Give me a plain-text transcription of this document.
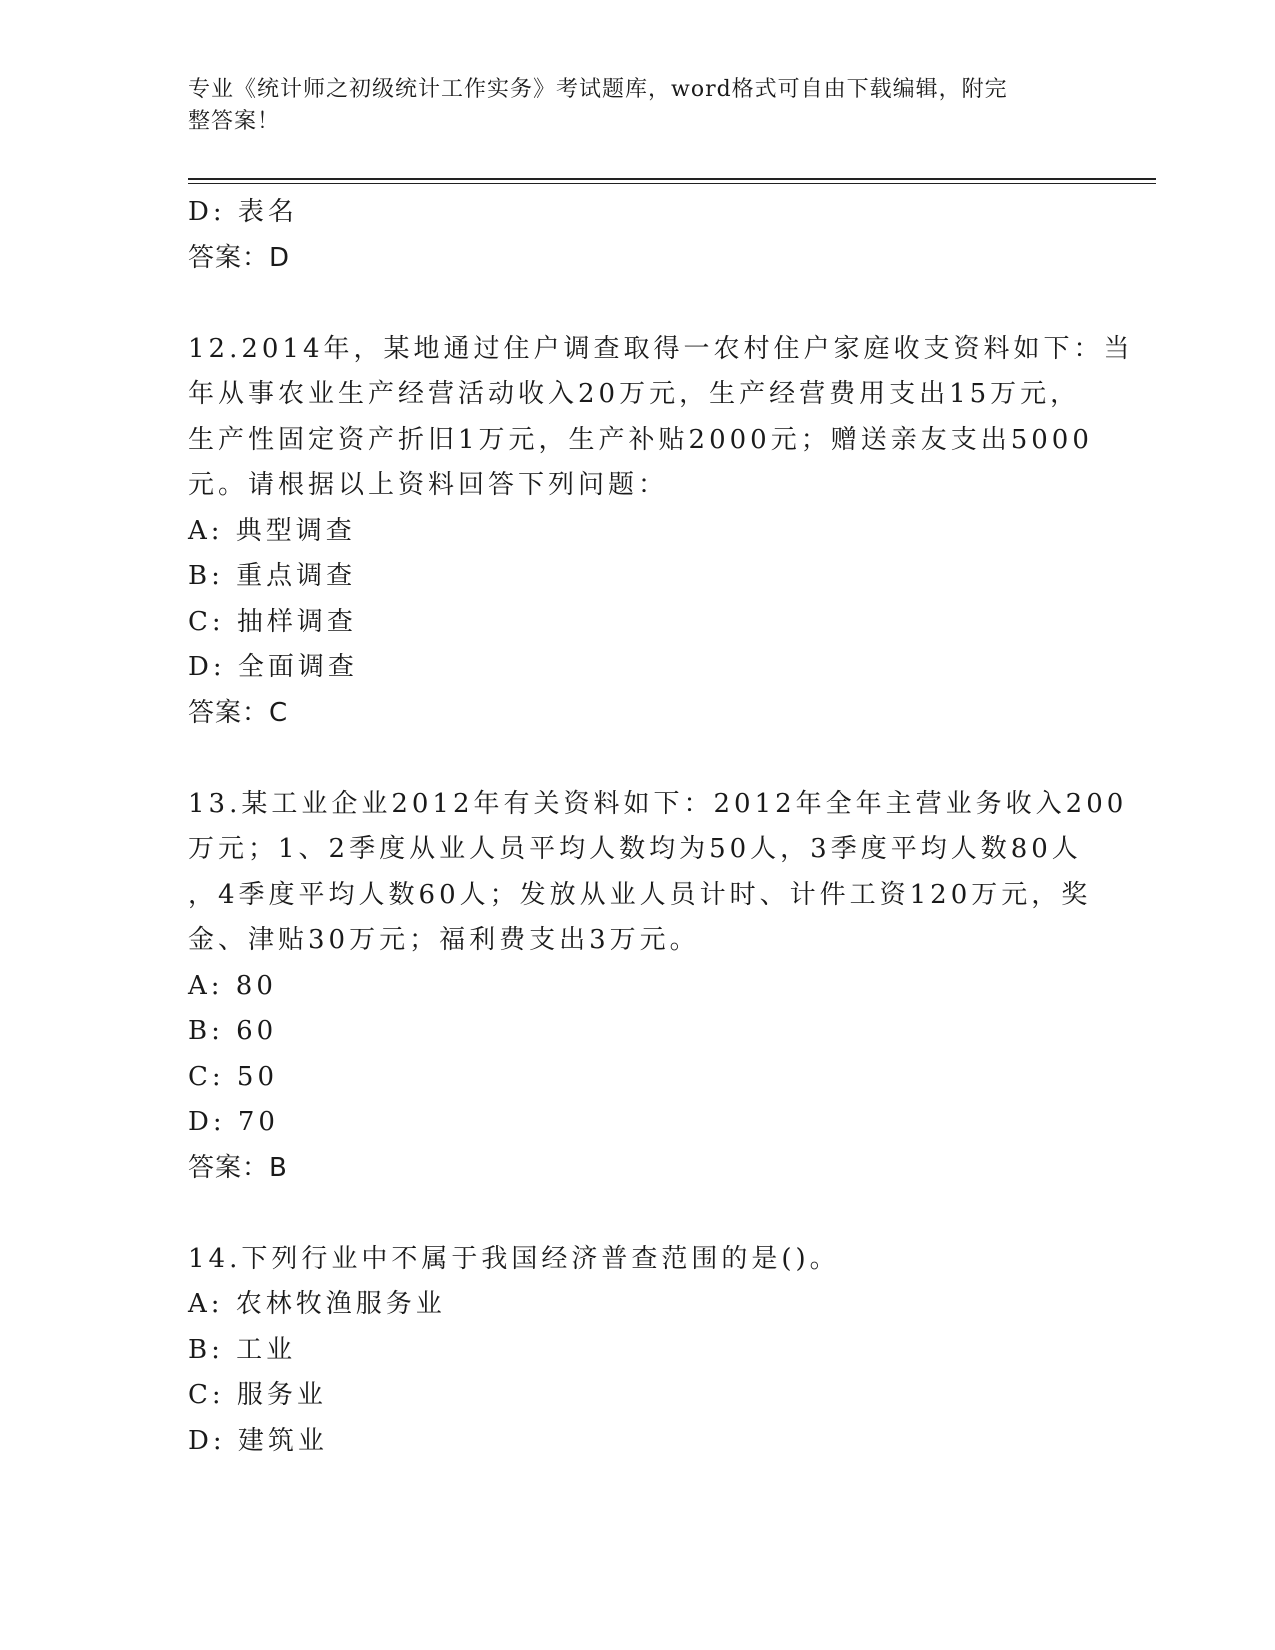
专业《统计师之初级统计工作实务》考试题库，word格式可自由下载编辑，附完
整答案！
D: 表名
答案：D
12.2014年，某地通过住户调查取得一农村住户家庭收支资料如下：当
年从事农业生产经营活动收入20万元，生产经营费用支出15万元，
生产性固定资产折旧1万元，生产补贴2000元；赠送亲友支出5000
元。请根据以上资料回答下列问题：
A: 典型调查
B: 重点调查
C: 抽样调查
D: 全面调查
答案：C
13.某工业企业2012年有关资料如下：2012年全年主营业务收入200
万元；1、2季度从业人员平均人数均为50人，3季度平均人数80人
，4季度平均人数60人；发放从业人员计时、计件工资120万元，奖
金、津贴30万元；福利费支出3万元。
A: 80
B: 60
C: 50
D: 70
答案：B
14.下列行业中不属于我国经济普查范围的是()。
A: 农林牧渔服务业
B: 工业
C: 服务业
D: 建筑业
